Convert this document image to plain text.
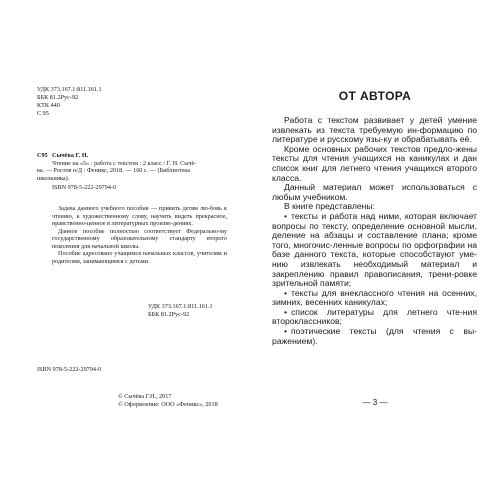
УДК 373.167.1:811.161.1
ББК 81.2Рус-92
КТК 440
С 95
С95 Сычёва Г. Н.
Чтение на «5» : работа с текстом : 2 класс / Г. Н. Сычё-
ва. — Ростов н/Д : Феникс, 2018. — 160 с. — (Библиотека
школьника).
ISBN 978-5-222-29794-0

Задача данного учебного пособия — привить детям лю-бовь к чтению, к художественному слову, научить видеть прекрасное, нравственно-ценное в литературных произве-дениях.

Данное пособие полностью соответствует Федерально-му государственному образовательному стандарту второго поколения для начальной школы.

Пособие адресовано учащимся начальных классов, учителям и родителям, занимающимся с детьми.

УДК 373.167.1:811.161.1
ББК 81.2Рус-92
ISBN 978-5-222-29794-0
© Сычёва Г.Н., 2017
© Оформление: ООО «Феникс», 2018
ОТ АВТОРА

Работа с текстом развивает у детей умение извлекать из текста требуемую ин-формацию по литературе и русскому язы-ку и обрабатывать её.

Кроме основных рабочих текстов предло-жены тексты для чтения учащихся на каникулах и дан список книг для летнего чтения учащихся второго класса.

Данный материал может использоваться с любым учебником.

В книге представлены:

• тексты и работа над ними, которая включает вопросы по тексту, определение основной мысли, деление на абзацы и составление плана; кроме того, многочис-ленные вопросы по орфографии на базе данного текста, которые способствуют уме-нию извлекать необходимый материал и закреплению правил правописания, трени-ровке зрительной памяти;
• тексты для внеклассного чтения на осенних, зимних, весенних каникулах;
• список литературы для летнего чте-ния второклассников;
• поэтические тексты (для чтения с вы-ражением).
— 3 —
